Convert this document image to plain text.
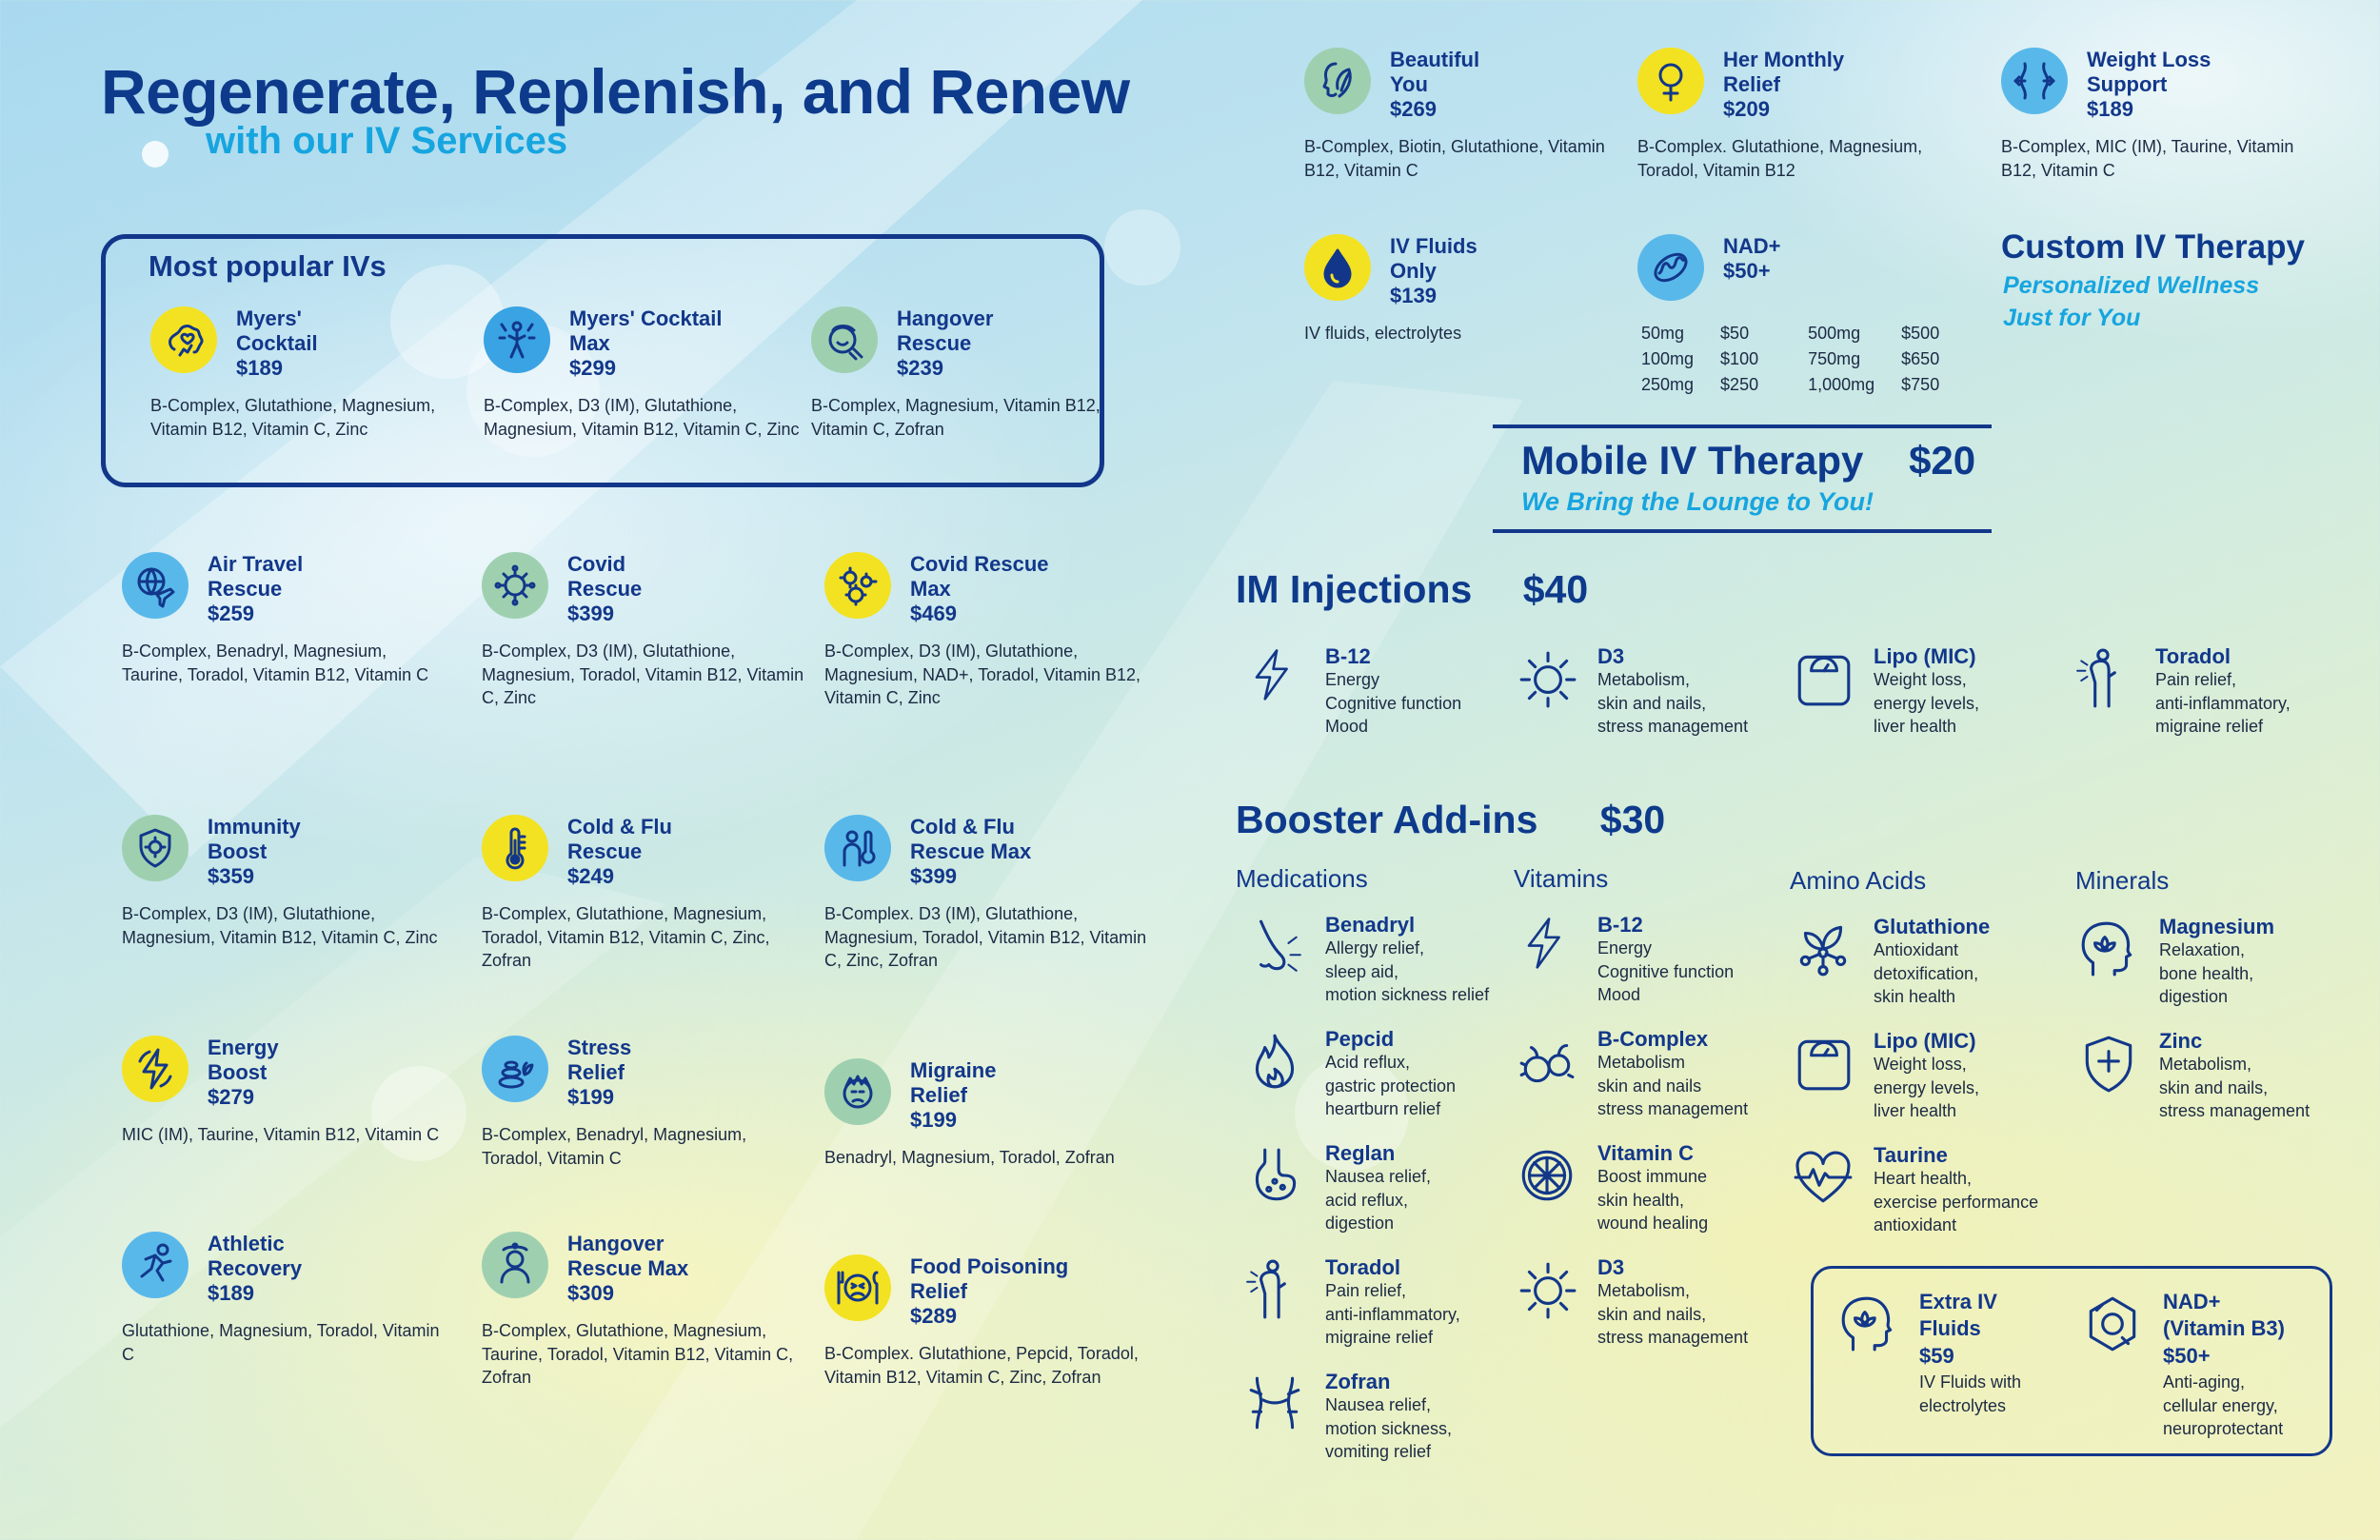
Regenerate, Replenish, and Renew
with our IV Services
Most popular IVs
Myers'
Cocktail
$189
B-Complex, Glutathione, Magnesium, Vitamin B12, Vitamin C, Zinc
Myers' Cocktail
Max
$299
B-Complex, D3 (IM), Glutathione, Magnesium, Vitamin B12, Vitamin C, Zinc
Hangover
Rescue
$239
B-Complex, Magnesium, Vitamin B12, Vitamin C, Zofran
Air Travel
Rescue
$259
B-Complex, Benadryl, Magnesium, Taurine, Toradol, Vitamin B12, Vitamin C
Covid
Rescue
$399
B-Complex, D3 (IM), Glutathione, Magnesium, Toradol, Vitamin B12, Vitamin C, Zinc
Covid Rescue
Max
$469
B-Complex, D3 (IM), Glutathione, Magnesium, NAD+, Toradol, Vitamin B12, Vitamin C, Zinc
Immunity
Boost
$359
B-Complex, D3 (IM), Glutathione, Magnesium, Vitamin B12, Vitamin C, Zinc
Cold & Flu
Rescue
$249
B-Complex, Glutathione, Magnesium, Toradol, Vitamin B12, Vitamin C, Zinc, Zofran
Cold & Flu
Rescue Max
$399
B-Complex. D3 (IM), Glutathione, Magnesium, Toradol, Vitamin B12, Vitamin C, Zinc, Zofran
Energy
Boost
$279
MIC (IM), Taurine, Vitamin B12, Vitamin C
Stress
Relief
$199
B-Complex, Benadryl, Magnesium, Toradol, Vitamin C
Migraine
Relief
$199
Benadryl, Magnesium, Toradol, Zofran
Athletic
Recovery
$189
Glutathione, Magnesium, Toradol, Vitamin C
Hangover
Rescue Max
$309
B-Complex, Glutathione, Magnesium, Taurine, Toradol, Vitamin B12, Vitamin C, Zofran
Food Poisoning
Relief
$289
B-Complex. Glutathione, Pepcid, Toradol, Vitamin B12, Vitamin C, Zinc, Zofran
Beautiful
You
$269
B-Complex, Biotin, Glutathione, Vitamin B12, Vitamin C
Her Monthly
Relief
$209
B-Complex. Glutathione, Magnesium, Toradol, Vitamin B12
Weight Loss
Support
$189
B-Complex, MIC (IM), Taurine, Vitamin B12, Vitamin C
IV Fluids
Only
$139
IV fluids, electrolytes
NAD+
$50+
50mg	$50	500mg	$500
100mg	$100	750mg	$650
250mg	$250	1,000mg	$750
Custom IV Therapy
Personalized Wellness
Just for You
Mobile IV Therapy $20
We Bring the Lounge to You!
IM Injections $40
B-12
Energy
Cognitive function
Mood
D3
Metabolism,
skin and nails,
stress management
Lipo (MIC)
Weight loss,
energy levels,
liver health
Toradol
Pain relief,
anti-inflammatory,
migraine relief
Booster Add-ins $30
Medications	Vitamins	Amino Acids	Minerals
Benadryl
Allergy relief,
sleep aid,
motion sickness relief
Pepcid
Acid reflux,
gastric protection
heartburn relief
Reglan
Nausea relief,
acid reflux,
digestion
Toradol
Pain relief,
anti-inflammatory,
migraine relief
Zofran
Nausea relief,
motion sickness,
vomiting relief
B-12
Energy
Cognitive function
Mood
B-Complex
Metabolism
skin and nails
stress management
Vitamin C
Boost immune
skin health,
wound healing
D3
Metabolism,
skin and nails,
stress management
Glutathione
Antioxidant
detoxification,
skin health
Lipo (MIC)
Weight loss,
energy levels,
liver health
Taurine
Heart health,
exercise performance
antioxidant
Magnesium
Relaxation,
bone health,
digestion
Zinc
Metabolism,
skin and nails,
stress management
Extra IV
Fluids
$59
IV Fluids with
electrolytes
NAD+
(Vitamin B3)
$50+
Anti-aging,
cellular energy,
neuroprotectant
